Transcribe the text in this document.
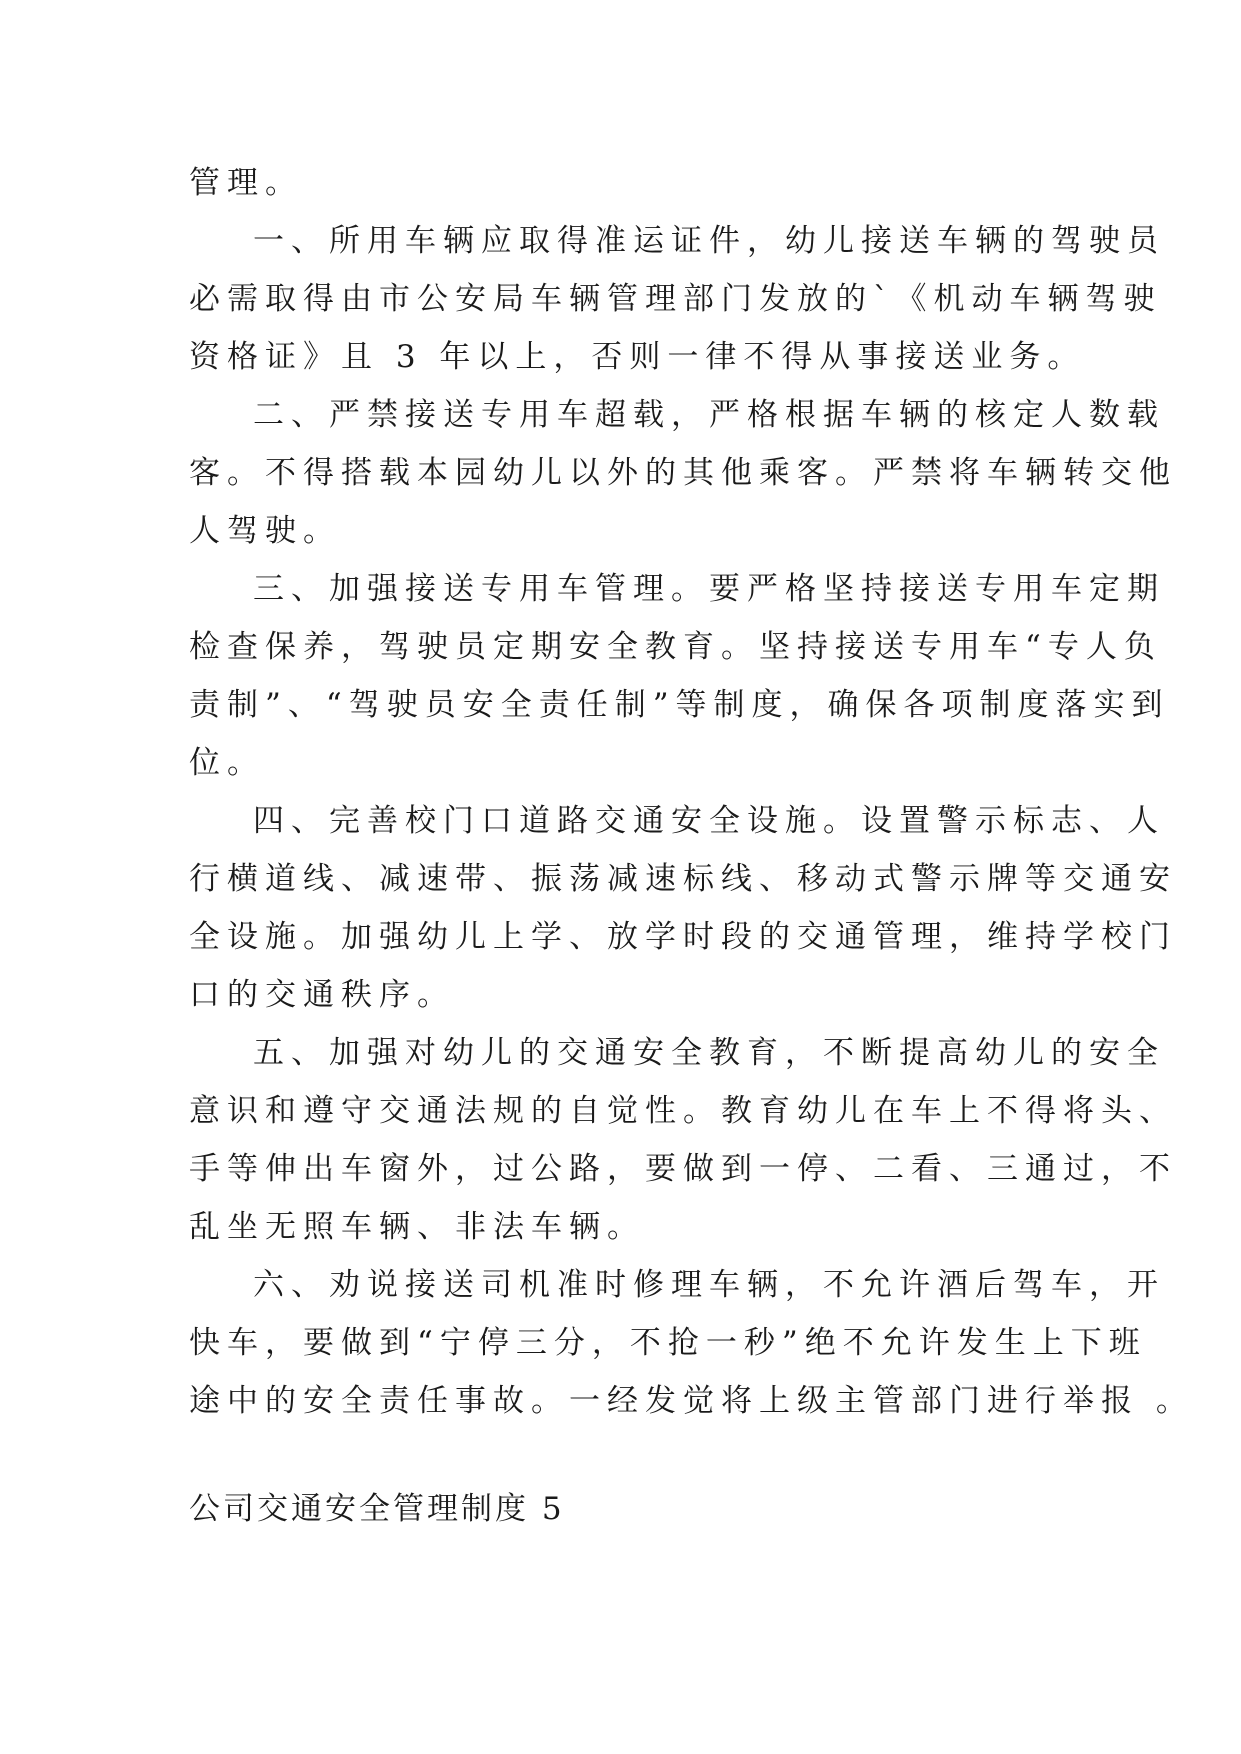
管理。
一、所用车辆应取得准运证件，幼儿接送车辆的驾驶员
必需取得由市公安局车辆管理部门发放的`《机动车辆驾驶
资格证》且 3 年以上，否则一律不得从事接送业务。
二、严禁接送专用车超载，严格根据车辆的核定人数载
客。不得搭载本园幼儿以外的其他乘客。严禁将车辆转交他
人驾驶。
三、加强接送专用车管理。要严格坚持接送专用车定期
检查保养，驾驶员定期安全教育。坚持接送专用车“专人负
责制”、“驾驶员安全责任制”等制度，确保各项制度落实到
位。
四、完善校门口道路交通安全设施。设置警示标志、人
行横道线、减速带、振荡减速标线、移动式警示牌等交通安
全设施。加强幼儿上学、放学时段的交通管理，维持学校门
口的交通秩序。
五、加强对幼儿的交通安全教育，不断提高幼儿的安全
意识和遵守交通法规的自觉性。教育幼儿在车上不得将头、
手等伸出车窗外，过公路，要做到一停、二看、三通过，不
乱坐无照车辆、非法车辆。
六、劝说接送司机准时修理车辆，不允许酒后驾车，开
快车，要做到“宁停三分，不抢一秒”绝不允许发生上下班
途中的安全责任事故。一经发觉将上级主管部门进行举报 。
公司交通安全管理制度 5
